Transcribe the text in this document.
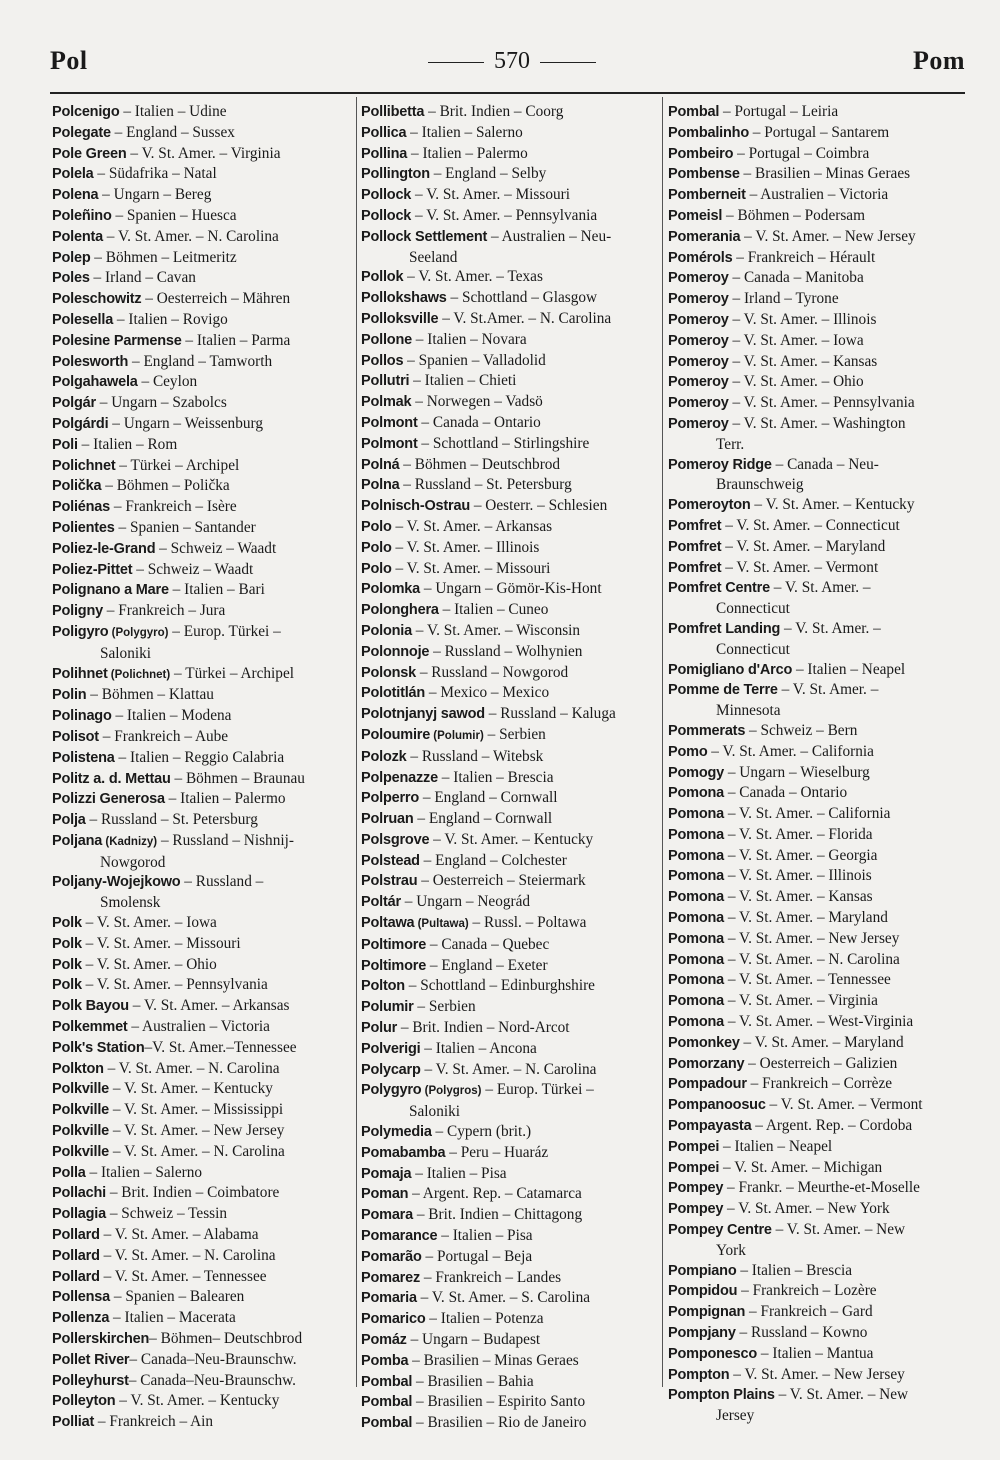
Pol	570	Pom
Polcenigo – Italien – Udine
Polegate – England – Sussex
Pole Green – V. St. Amer. – Virginia
Polela – Südafrika – Natal
Polena – Ungarn – Bereg
Poleñino – Spanien – Huesca
Polenta – V. St. Amer. – N. Carolina
Polep – Böhmen – Leitmeritz
Poles – Irland – Cavan
Poleschowitz – Oesterreich – Mähren
Polesella – Italien – Rovigo
Polesine Parmense – Italien – Parma
Polesworth – England – Tamworth
Polgahawela – Ceylon
Polgár – Ungarn – Szabolcs
Polgárdi – Ungarn – Weissenburg
Poli – Italien – Rom
Polichnet – Türkei – Archipel
Polička – Böhmen – Polička
Poliénas – Frankreich – Isère
Polientes – Spanien – Santander
Poliez-le-Grand – Schweiz – Waadt
Poliez-Pittet – Schweiz – Waadt
Polignano a Mare – Italien – Bari
Poligny – Frankreich – Jura
Poligyro (Polygyro) – Europ. Türkei –
Saloniki
Polihnet (Polichnet) – Türkei – Archipel
Polin – Böhmen – Klattau
Polinago – Italien – Modena
Polisot – Frankreich – Aube
Polistena – Italien – Reggio Calabria
Politz a. d. Mettau – Böhmen – Braunau
Polizzi Generosa – Italien – Palermo
Polja – Russland – St. Petersburg
Poljana (Kadnizy) – Russland – Nishnij-
Nowgorod
Poljany-Wojejkowo – Russland –
Smolensk
Polk – V. St. Amer. – Iowa
Polk – V. St. Amer. – Missouri
Polk – V. St. Amer. – Ohio
Polk – V. St. Amer. – Pennsylvania
Polk Bayou – V. St. Amer. – Arkansas
Polkemmet – Australien – Victoria
Polk's Station–V. St. Amer.–Tennessee
Polkton – V. St. Amer. – N. Carolina
Polkville – V. St. Amer. – Kentucky
Polkville – V. St. Amer. – Mississippi
Polkville – V. St. Amer. – New Jersey
Polkville – V. St. Amer. – N. Carolina
Polla – Italien – Salerno
Pollachi – Brit. Indien – Coimbatore
Pollagia – Schweiz – Tessin
Pollard – V. St. Amer. – Alabama
Pollard – V. St. Amer. – N. Carolina
Pollard – V. St. Amer. – Tennessee
Pollensa – Spanien – Balearen
Pollenza – Italien – Macerata
Pollerskirchen– Böhmen– Deutschbrod
Pollet River– Canada–Neu-Braunschw.
Polleyhurst– Canada–Neu-Braunschw.
Polleyton – V. St. Amer. – Kentucky
Polliat – Frankreich – Ain
Pollibetta – Brit. Indien – Coorg
Pollica – Italien – Salerno
Pollina – Italien – Palermo
Pollington – England – Selby
Pollock – V. St. Amer. – Missouri
Pollock – V. St. Amer. – Pennsylvania
Pollock Settlement – Australien – Neu-
Seeland
Pollok – V. St. Amer. – Texas
Pollokshaws – Schottland – Glasgow
Polloksville – V. St.Amer. – N. Carolina
Pollone – Italien – Novara
Pollos – Spanien – Valladolid
Pollutri – Italien – Chieti
Polmak – Norwegen – Vadsö
Polmont – Canada – Ontario
Polmont – Schottland – Stirlingshire
Polná – Böhmen – Deutschbrod
Polna – Russland – St. Petersburg
Polnisch-Ostrau – Oesterr. – Schlesien
Polo – V. St. Amer. – Arkansas
Polo – V. St. Amer. – Illinois
Polo – V. St. Amer. – Missouri
Polomka – Ungarn – Gömör-Kis-Hont
Polonghera – Italien – Cuneo
Polonia – V. St. Amer. – Wisconsin
Polonnoje – Russland – Wolhynien
Polonsk – Russland – Nowgorod
Polotitlán – Mexico – Mexico
Polotnjanyj sawod – Russland – Kaluga
Poloumire (Polumir) – Serbien
Polozk – Russland – Witebsk
Polpenazze – Italien – Brescia
Polperro – England – Cornwall
Polruan – England – Cornwall
Polsgrove – V. St. Amer. – Kentucky
Polstead – England – Colchester
Polstrau – Oesterreich – Steiermark
Poltár – Ungarn – Neográd
Poltawa (Pultawa) – Russl. – Poltawa
Poltimore – Canada – Quebec
Poltimore – England – Exeter
Polton – Schottland – Edinburghshire
Polumir – Serbien
Polur – Brit. Indien – Nord-Arcot
Polverigi – Italien – Ancona
Polycarp – V. St. Amer. – N. Carolina
Polygyro (Polygros) – Europ. Türkei –
Saloniki
Polymedia – Cypern (brit.)
Pomabamba – Peru – Huaráz
Pomaja – Italien – Pisa
Poman – Argent. Rep. – Catamarca
Pomara – Brit. Indien – Chittagong
Pomarance – Italien – Pisa
Pomarão – Portugal – Beja
Pomarez – Frankreich – Landes
Pomaria – V. St. Amer. – S. Carolina
Pomarico – Italien – Potenza
Pomáz – Ungarn – Budapest
Pomba – Brasilien – Minas Geraes
Pombal – Brasilien – Bahia
Pombal – Brasilien – Espirito Santo
Pombal – Brasilien – Rio de Janeiro
Pombal – Portugal – Leiria
Pombalinho – Portugal – Santarem
Pombeiro – Portugal – Coimbra
Pombense – Brasilien – Minas Geraes
Pomberneit – Australien – Victoria
Pomeisl – Böhmen – Podersam
Pomerania – V. St. Amer. – New Jersey
Pomérols – Frankreich – Hérault
Pomeroy – Canada – Manitoba
Pomeroy – Irland – Tyrone
Pomeroy – V. St. Amer. – Illinois
Pomeroy – V. St. Amer. – Iowa
Pomeroy – V. St. Amer. – Kansas
Pomeroy – V. St. Amer. – Ohio
Pomeroy – V. St. Amer. – Pennsylvania
Pomeroy – V. St. Amer. – Washington
Terr.
Pomeroy Ridge – Canada – Neu-
Braunschweig
Pomeroyton – V. St. Amer. – Kentucky
Pomfret – V. St. Amer. – Connecticut
Pomfret – V. St. Amer. – Maryland
Pomfret – V. St. Amer. – Vermont
Pomfret Centre – V. St. Amer. –
Connecticut
Pomfret Landing – V. St. Amer. –
Connecticut
Pomigliano d'Arco – Italien – Neapel
Pomme de Terre – V. St. Amer. –
Minnesota
Pommerats – Schweiz – Bern
Pomo – V. St. Amer. – California
Pomogy – Ungarn – Wieselburg
Pomona – Canada – Ontario
Pomona – V. St. Amer. – California
Pomona – V. St. Amer. – Florida
Pomona – V. St. Amer. – Georgia
Pomona – V. St. Amer. – Illinois
Pomona – V. St. Amer. – Kansas
Pomona – V. St. Amer. – Maryland
Pomona – V. St. Amer. – New Jersey
Pomona – V. St. Amer. – N. Carolina
Pomona – V. St. Amer. – Tennessee
Pomona – V. St. Amer. – Virginia
Pomona – V. St. Amer. – West-Virginia
Pomonkey – V. St. Amer. – Maryland
Pomorzany – Oesterreich – Galizien
Pompadour – Frankreich – Corrèze
Pompanoosuc – V. St. Amer. – Vermont
Pompayasta – Argent. Rep. – Cordoba
Pompei – Italien – Neapel
Pompei – V. St. Amer. – Michigan
Pompey – Frankr. – Meurthe-et-Moselle
Pompey – V. St. Amer. – New York
Pompey Centre – V. St. Amer. – New
York
Pompiano – Italien – Brescia
Pompidou – Frankreich – Lozère
Pompignan – Frankreich – Gard
Pompjany – Russland – Kowno
Pomponesco – Italien – Mantua
Pompton – V. St. Amer. – New Jersey
Pompton Plains – V. St. Amer. – New
Jersey
